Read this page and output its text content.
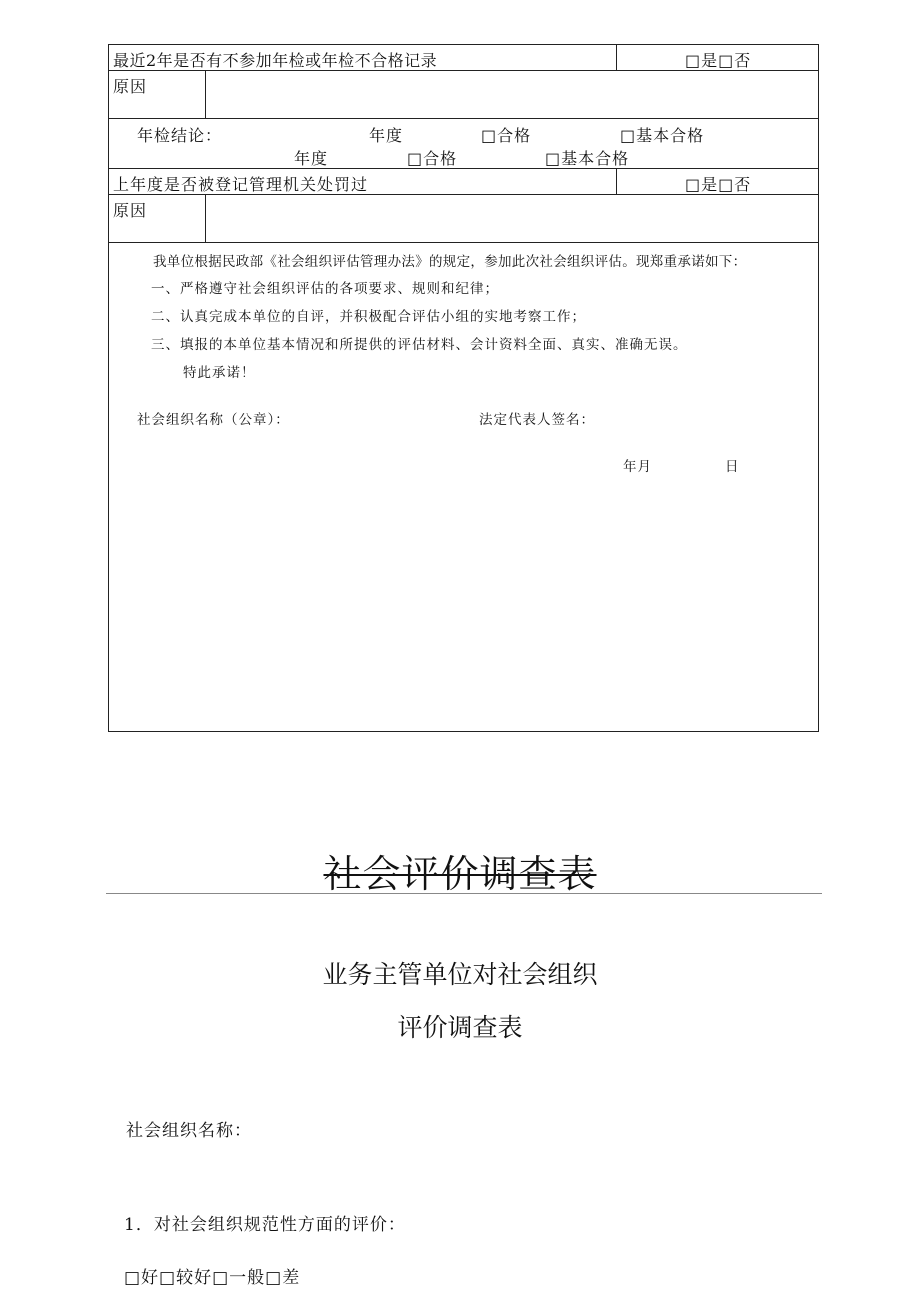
最近2年是否有不参加年检或年检不合格记录	□是□否
原因
年检结论：	年度	□合格	□基本合格
年度	□合格	□基本合格
上年度是否被登记管理机关处罚过	□是□否
原因
我单位根据民政部《社会组织评估管理办法》的规定，参加此次社会组织评估。现郑重承诺如下：
一、严格遵守社会组织评估的各项要求、规则和纪律；
二、认真完成本单位的自评，并积极配合评估小组的实地考察工作；
三、填报的本单位基本情况和所提供的评估材料、会计资料全面、真实、准确无误。
特此承诺！
社会组织名称（公章）：	法定代表人签名：
年月	日
社会评价调查表
业务主管单位对社会组织
评价调查表
社会组织名称：
1．对社会组织规范性方面的评价：
□好□较好□一般□差
